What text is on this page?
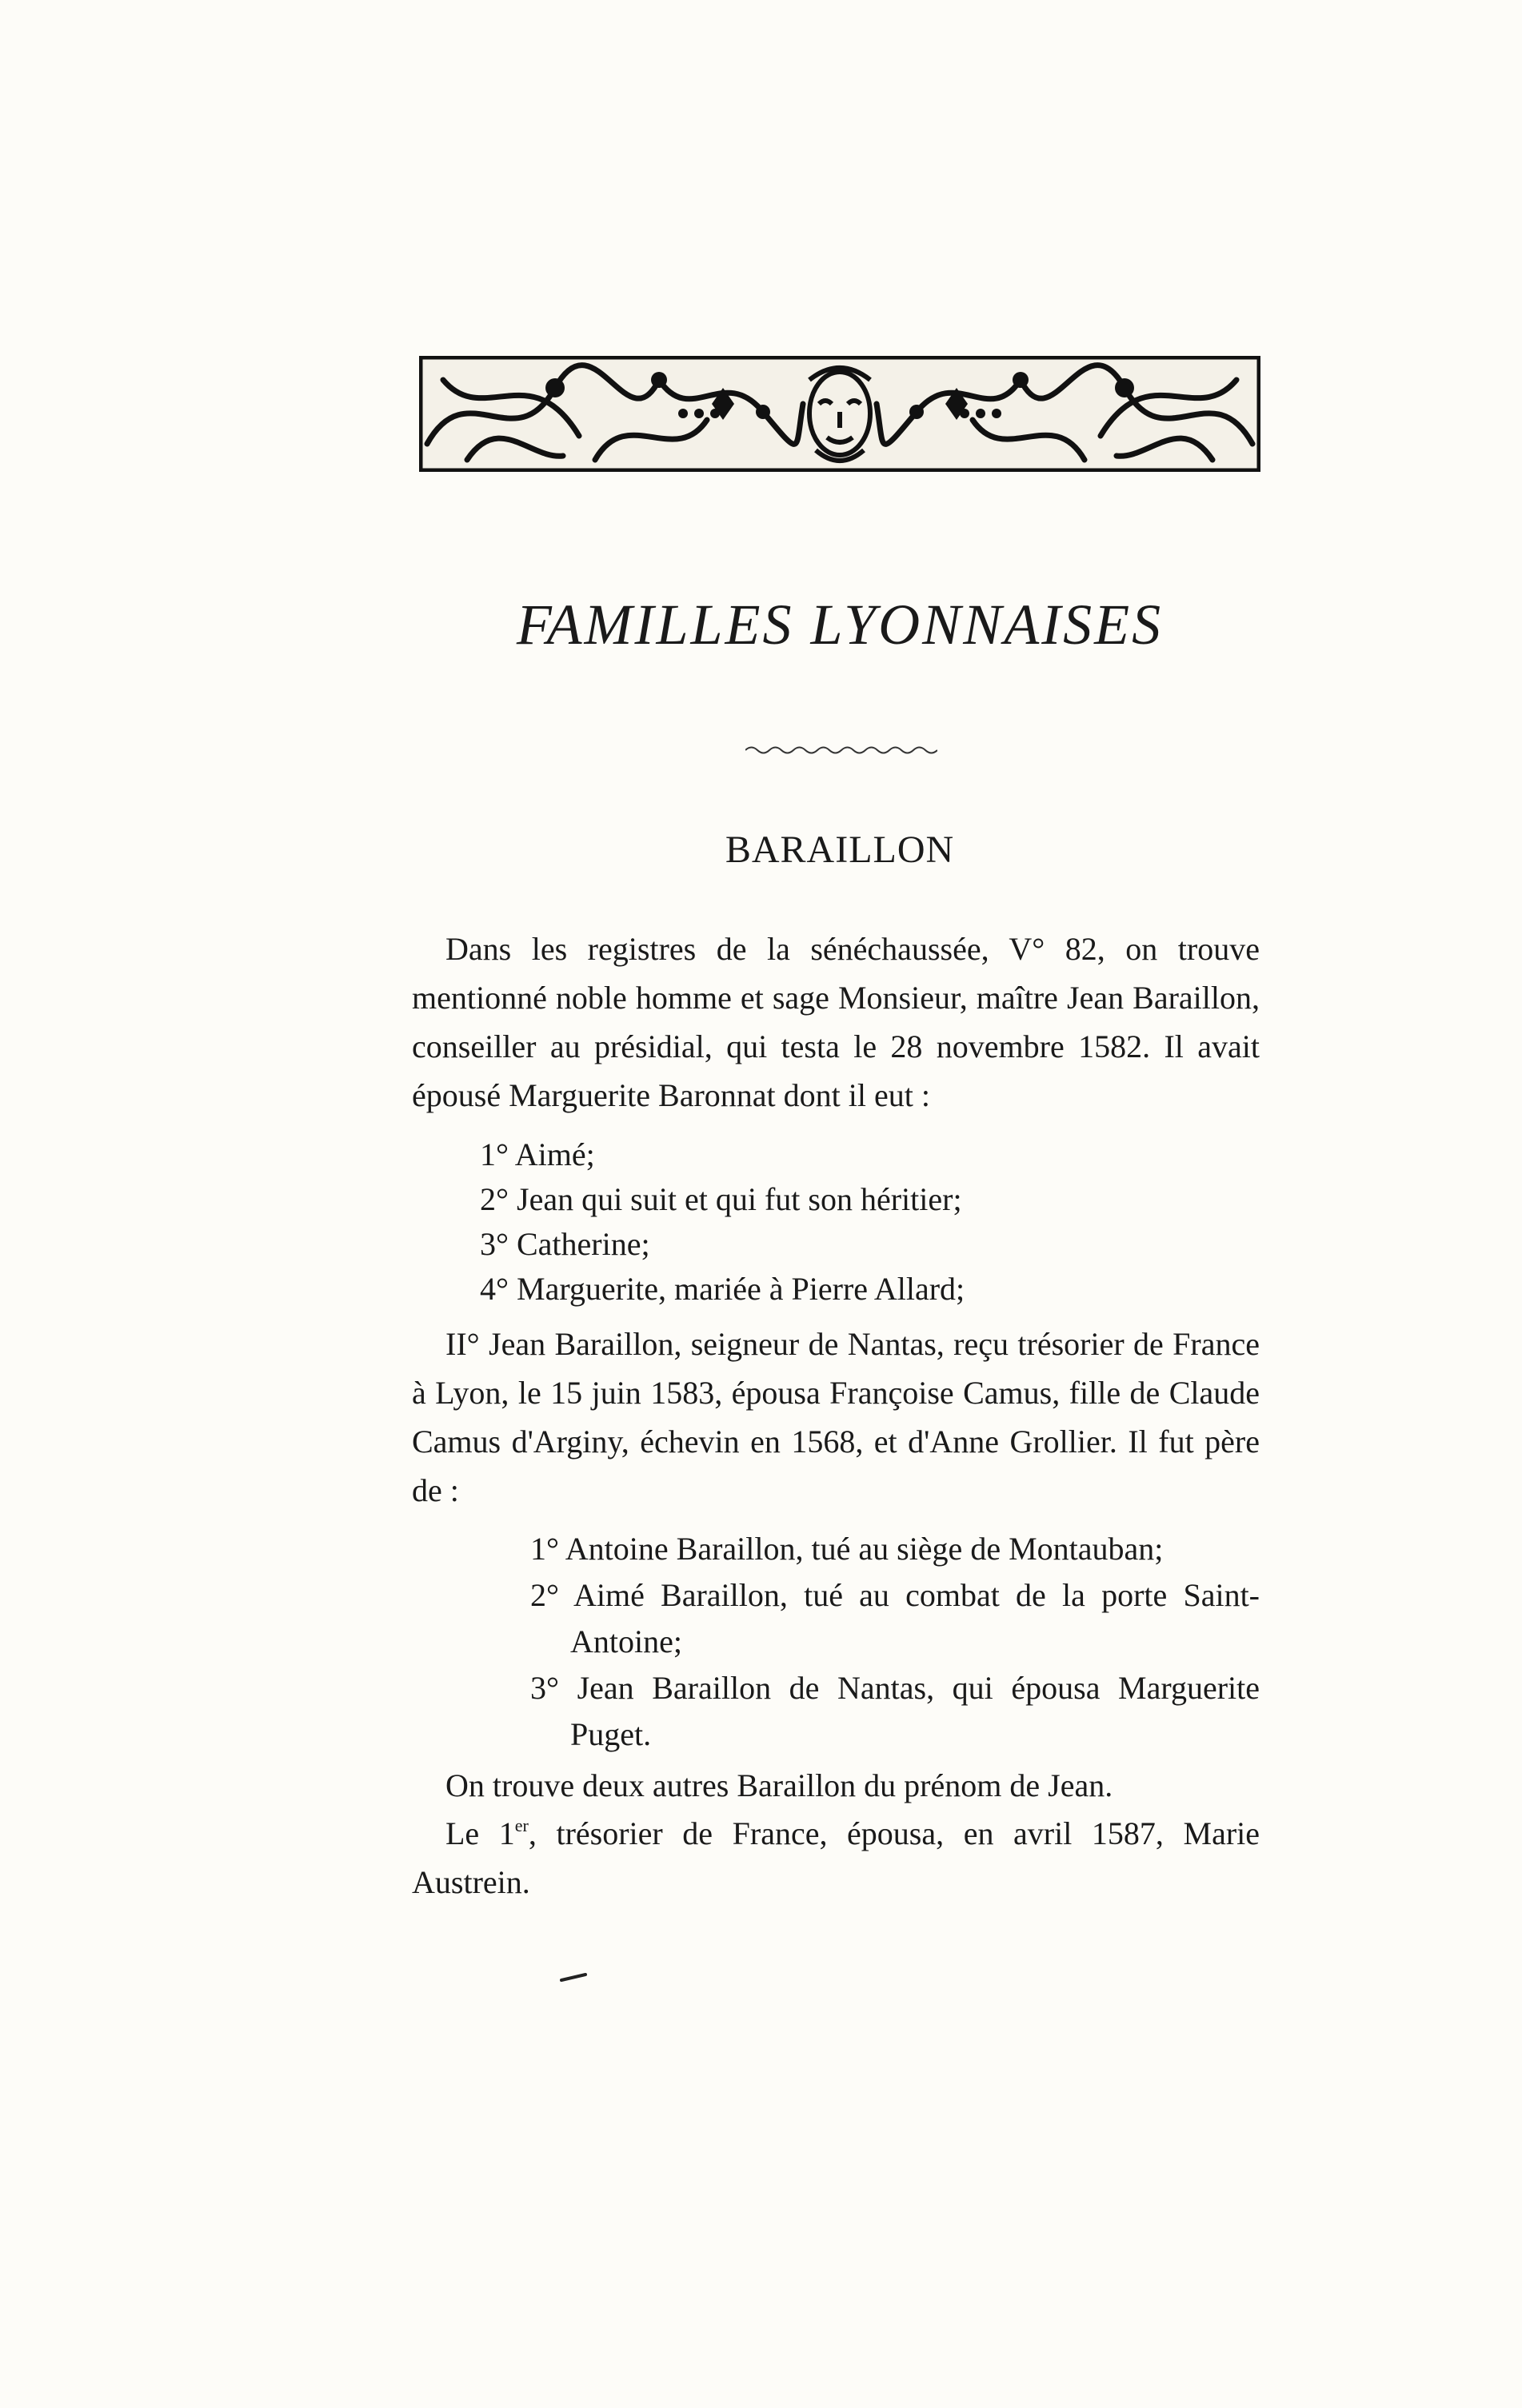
FAMILLES LYONNAISES
BARAILLON

Dans les registres de la sénéchaussée, V° 82, on trouve mentionné noble homme et sage Monsieur, maître Jean Baraillon, conseiller au présidial, qui testa le 28 novembre 1582. Il avait épousé Marguerite Baronnat dont il eut :

1° Aimé;
2° Jean qui suit et qui fut son héritier;
3° Catherine;
4° Marguerite, mariée à Pierre Allard;

II° Jean Baraillon, seigneur de Nantas, reçu trésorier de France à Lyon, le 15 juin 1583, épousa Françoise Camus, fille de Claude Camus d'Arginy, échevin en 1568, et d'Anne Grollier. Il fut père de :

1° Antoine Baraillon, tué au siège de Montauban;
2° Aimé Baraillon, tué au combat de la porte Saint-Antoine;
3° Jean Baraillon de Nantas, qui épousa Marguerite Puget.

On trouve deux autres Baraillon du prénom de Jean.

Le 1er, trésorier de France, épousa, en avril 1587, Marie Austrein.
